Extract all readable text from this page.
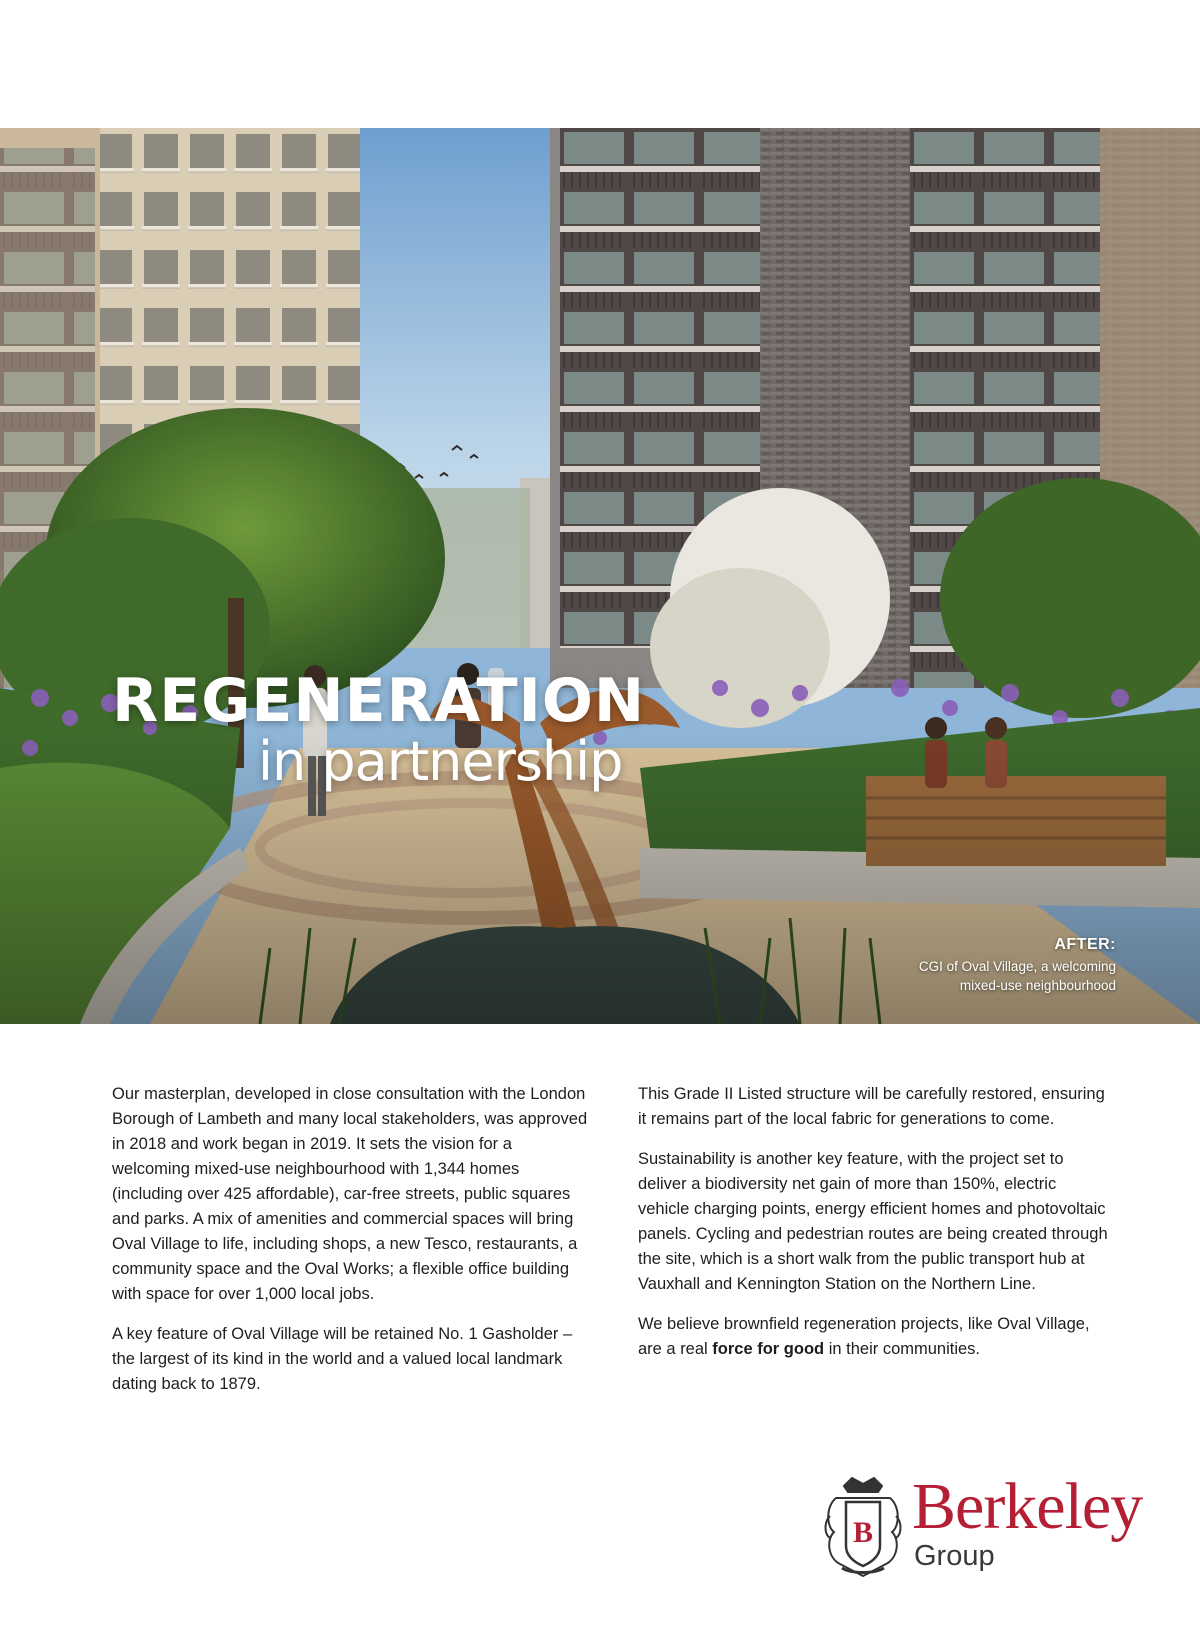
REGENERATION
in partnership
AFTER:
CGI of Oval Village, a welcoming
mixed-use neighbourhood

Our masterplan, developed in close consultation with the London Borough of Lambeth and many local stakeholders, was approved in 2018 and work began in 2019. It sets the vision for a welcoming mixed-use neighbourhood with 1,344 homes (including over 425 affordable), car-free streets, public squares and parks. A mix of amenities and commercial spaces will bring Oval Village to life, including shops, a new Tesco, restaurants, a community space and the Oval Works; a flexible office building with space for over 1,000 local jobs.

A key feature of Oval Village will be retained No. 1 Gasholder – the largest of its kind in the world and a valued local landmark dating back to 1879.

This Grade II Listed structure will be carefully restored, ensuring it remains part of the local fabric for generations to come.

Sustainability is another key feature, with the project set to deliver a biodiversity net gain of more than 150%, electric vehicle charging points, energy efficient homes and photovoltaic panels. Cycling and pedestrian routes are being created through the site, which is a short walk from the public transport hub at Vauxhall and Kennington Station on the Northern Line.

We believe brownfield regeneration projects, like Oval Village, are a real force for good in their communities.

B Berkeley
Group
